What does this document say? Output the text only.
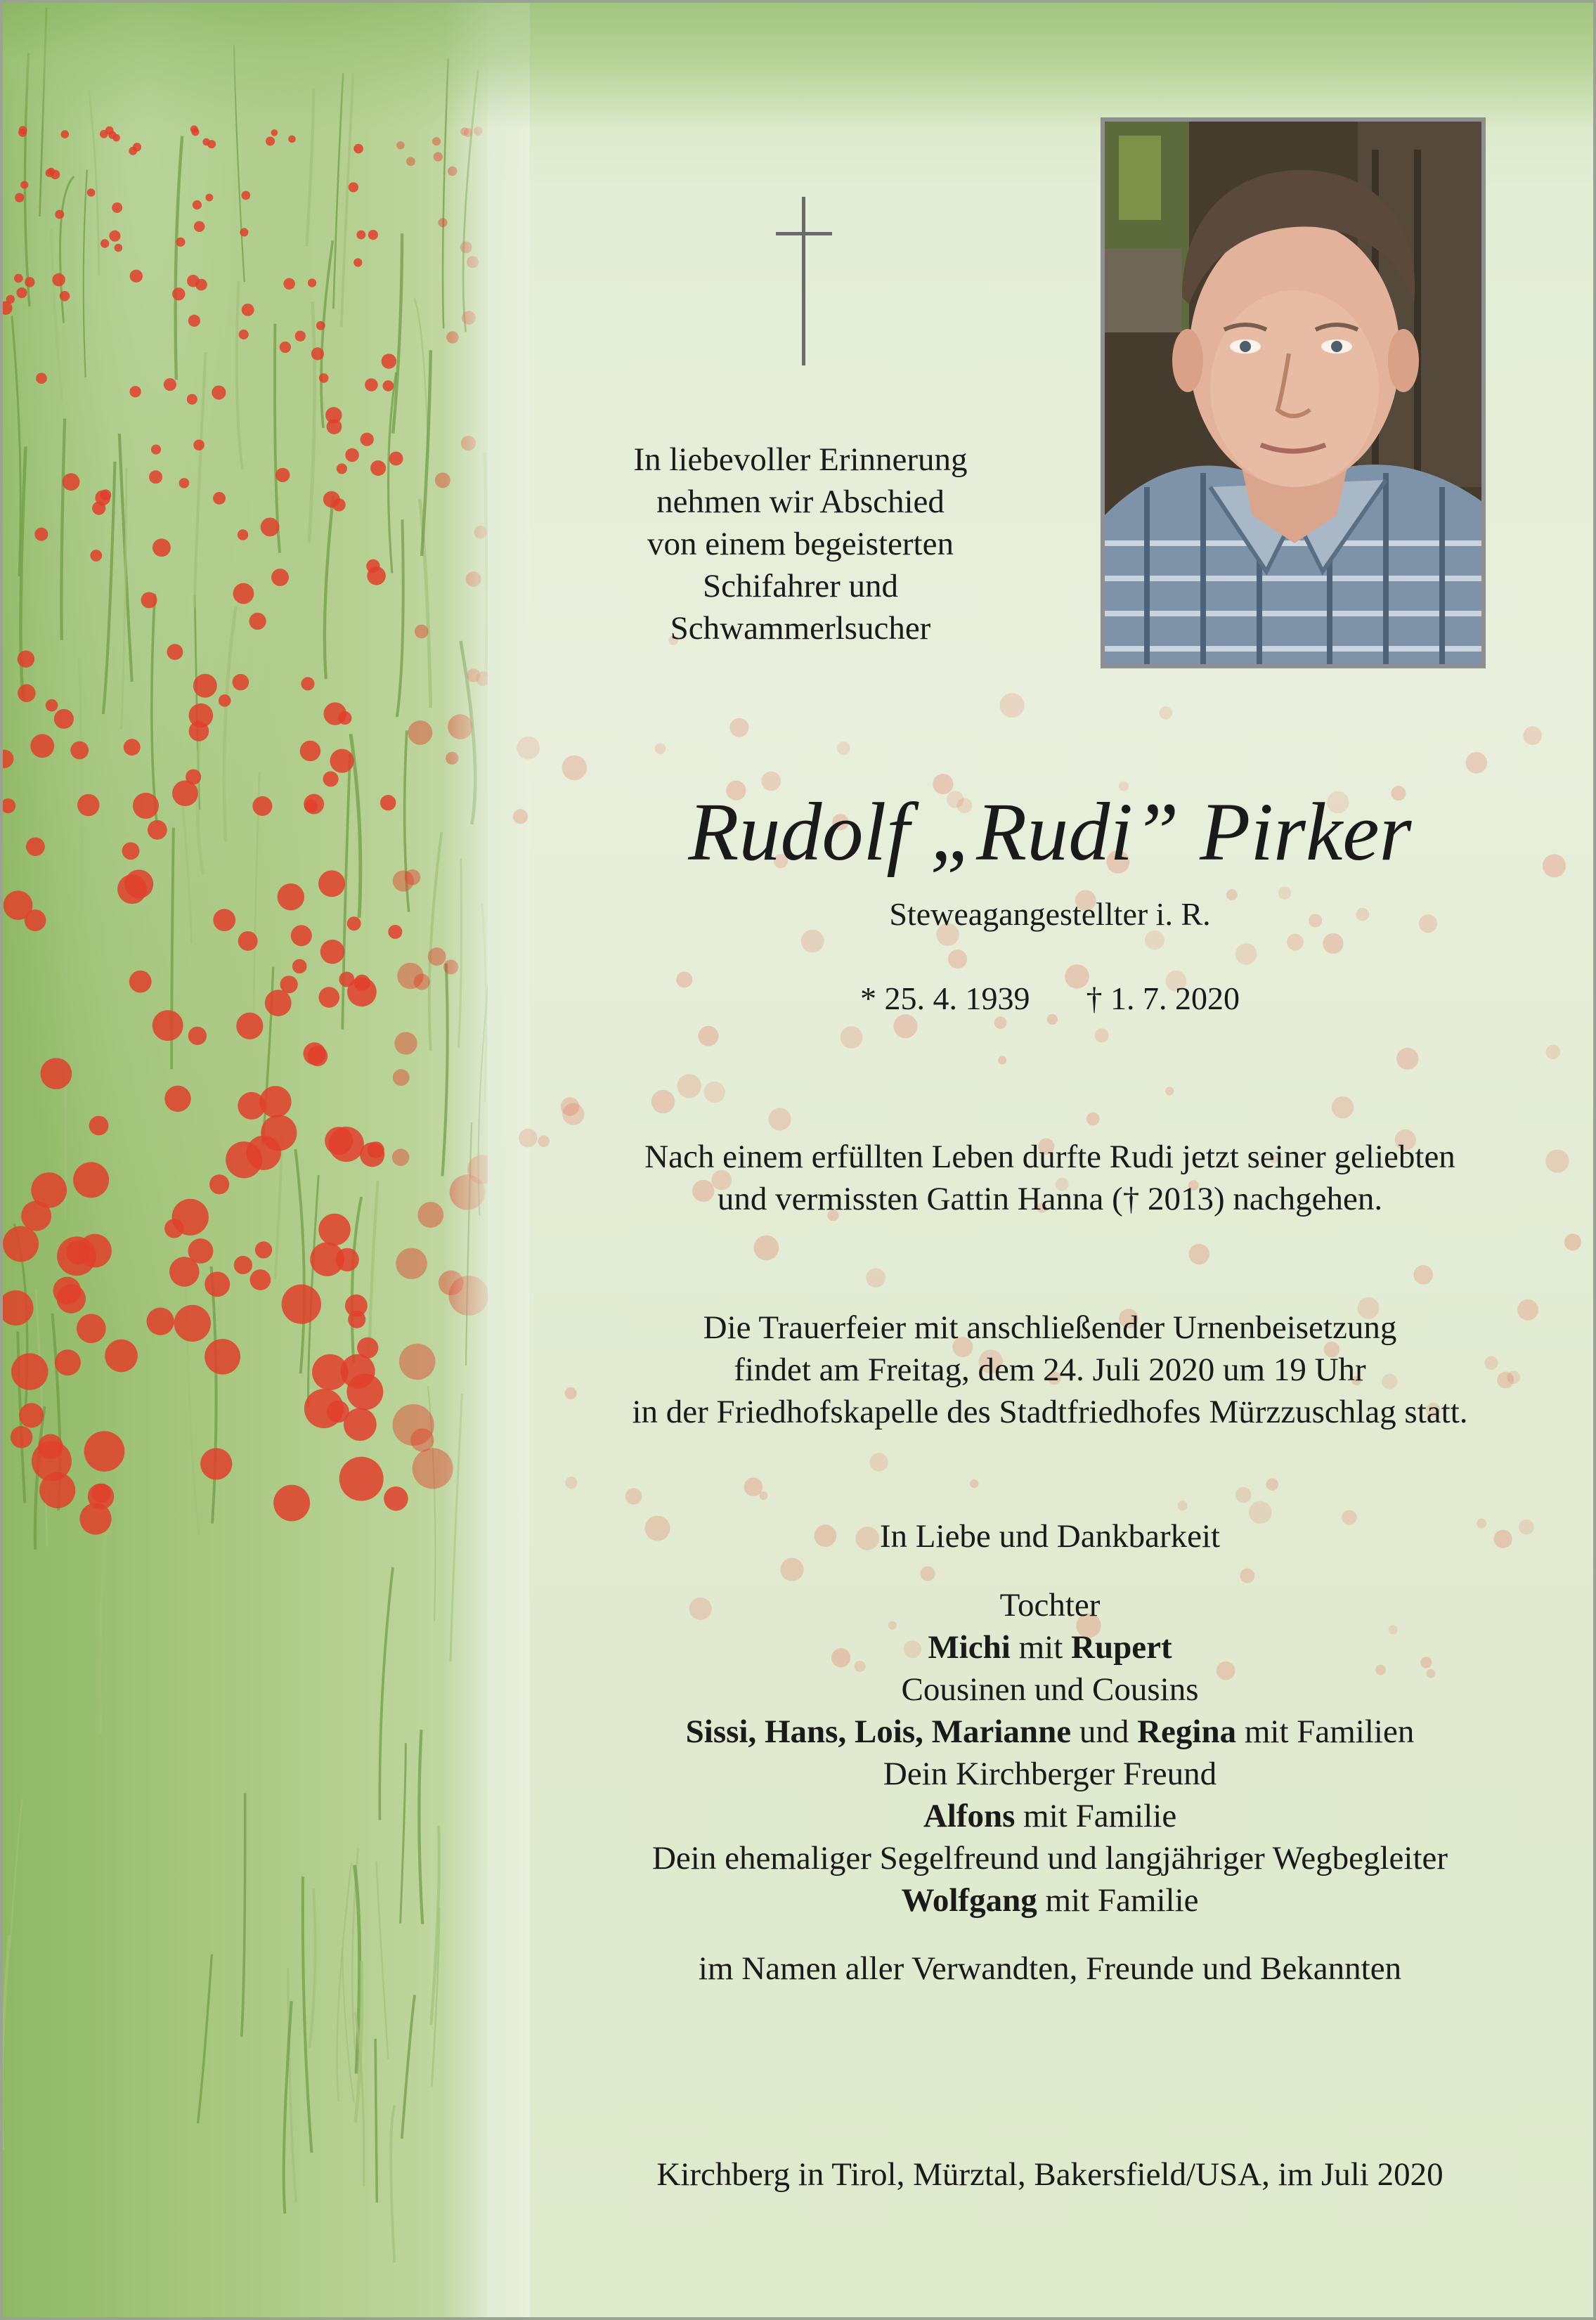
In liebevoller Erinnerung
nehmen wir Abschied
von einem begeisterten
Schifahrer und
Schwammerlsucher
Rudolf „Rudi” Pirker
Steweagangestellter i. R.
* 25. 4. 1939 † 1. 7. 2020
Nach einem erfüllten Leben durfte Rudi jetzt seiner geliebten
und vermissten Gattin Hanna († 2013) nachgehen.
Die Trauerfeier mit anschließender Urnenbeisetzung
findet am Freitag, dem 24. Juli 2020 um 19 Uhr
in der Friedhofskapelle des Stadtfriedhofes Mürzzuschlag statt.
In Liebe und Dankbarkeit
Tochter
Michi mit Rupert
Cousinen und Cousins
Sissi, Hans, Lois, Marianne und Regina mit Familien
Dein Kirchberger Freund
Alfons mit Familie
Dein ehemaliger Segelfreund und langjähriger Wegbegleiter
Wolfgang mit Familie
im Namen aller Verwandten, Freunde und Bekannten
Kirchberg in Tirol, Mürztal, Bakersfield/USA, im Juli 2020
